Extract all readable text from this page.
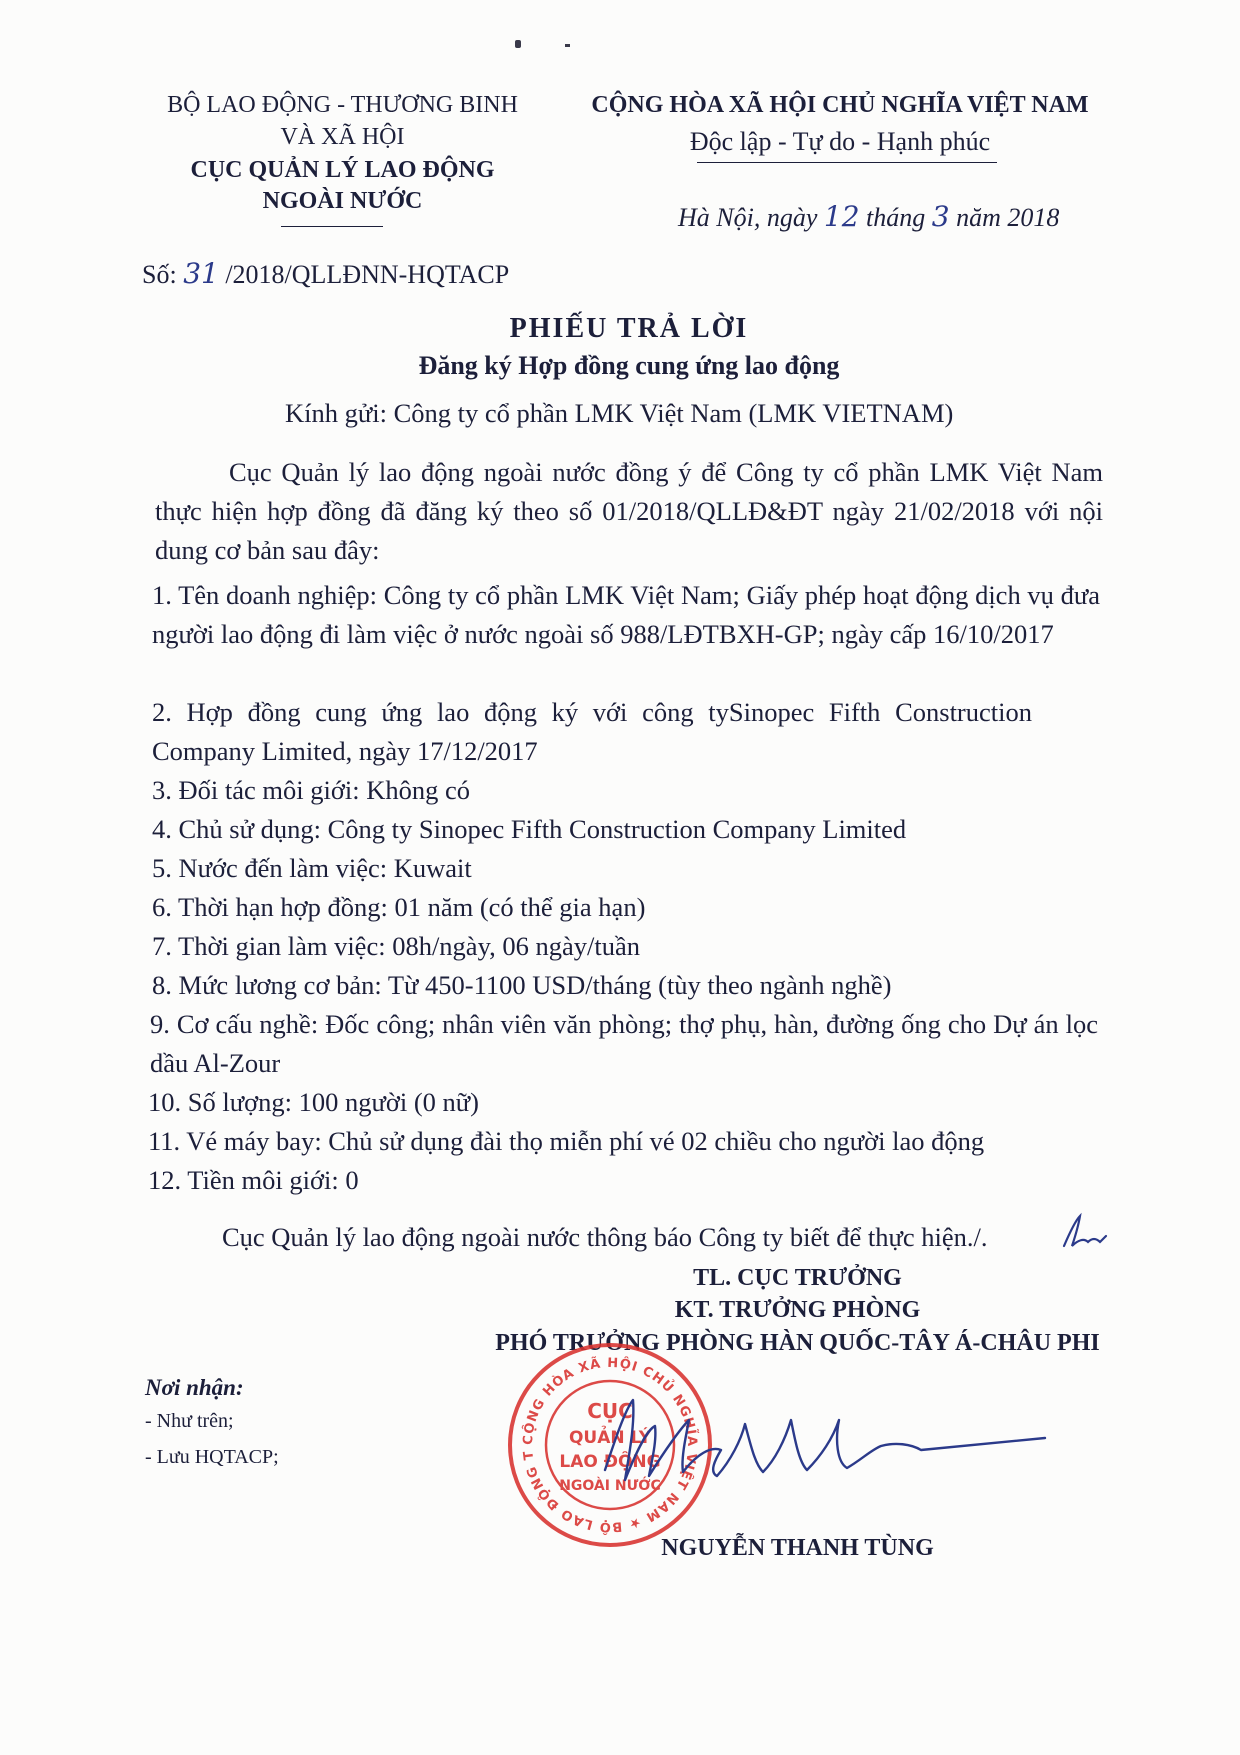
BỘ LAO ĐỘNG - THƯƠNG BINH
VÀ XÃ HỘI
CỤC QUẢN LÝ LAO ĐỘNG
NGOÀI NƯỚC
CỘNG HÒA XÃ HỘI CHỦ NGHĨA VIỆT NAM
Độc lập - Tự do - Hạnh phúc
Hà Nội, ngày 12 tháng 3 năm 2018
Số: 31 /2018/QLLĐNN-HQTACP
PHIẾU TRẢ LỜI
Đăng ký Hợp đồng cung ứng lao động
Kính gửi: Công ty cổ phần LMK Việt Nam (LMK VIETNAM)
Cục Quản lý lao động ngoài nước đồng ý để Công ty cổ phần LMK Việt Nam thực hiện hợp đồng đã đăng ký theo số 01/2018/QLLĐ&ĐT ngày 21/02/2018 với nội dung cơ bản sau đây:
1. Tên doanh nghiệp: Công ty cổ phần LMK Việt Nam; Giấy phép hoạt động dịch vụ đưa người lao động đi làm việc ở nước ngoài số 988/LĐTBXH-GP; ngày cấp 16/10/2017
2. Hợp đồng cung ứng lao động ký với công tySinopec Fifth Construction Company Limited, ngày 17/12/2017
3. Đối tác môi giới: Không có
4. Chủ sử dụng: Công ty Sinopec Fifth Construction Company Limited
5. Nước đến làm việc: Kuwait
6. Thời hạn hợp đồng: 01 năm (có thể gia hạn)
7. Thời gian làm việc: 08h/ngày, 06 ngày/tuần
8. Mức lương cơ bản: Từ 450-1100 USD/tháng (tùy theo ngành nghề)
9. Cơ cấu nghề: Đốc công; nhân viên văn phòng; thợ phụ, hàn, đường ống cho Dự án lọc dầu Al-Zour
10. Số lượng: 100 người (0 nữ)
11. Vé máy bay: Chủ sử dụng đài thọ miễn phí vé 02 chiều cho người lao động
12. Tiền môi giới: 0
Cục Quản lý lao động ngoài nước thông báo Công ty biết để thực hiện./.
TL. CỤC TRƯỞNG
KT. TRƯỞNG PHÒNG
PHÓ TRƯỞNG PHÒNG HÀN QUỐC-TÂY Á-CHÂU PHI
Nơi nhận:
- Như trên;
- Lưu HQTACP;
CỘNG HÒA XÃ HỘI CHỦ NGHĨA VIỆT NAM ★ BỘ LAO ĐỘNG T
CỤC
QUẢN LÝ
LAO ĐỘNG
NGOÀI NƯỚC
NGUYỄN THANH TÙNG
